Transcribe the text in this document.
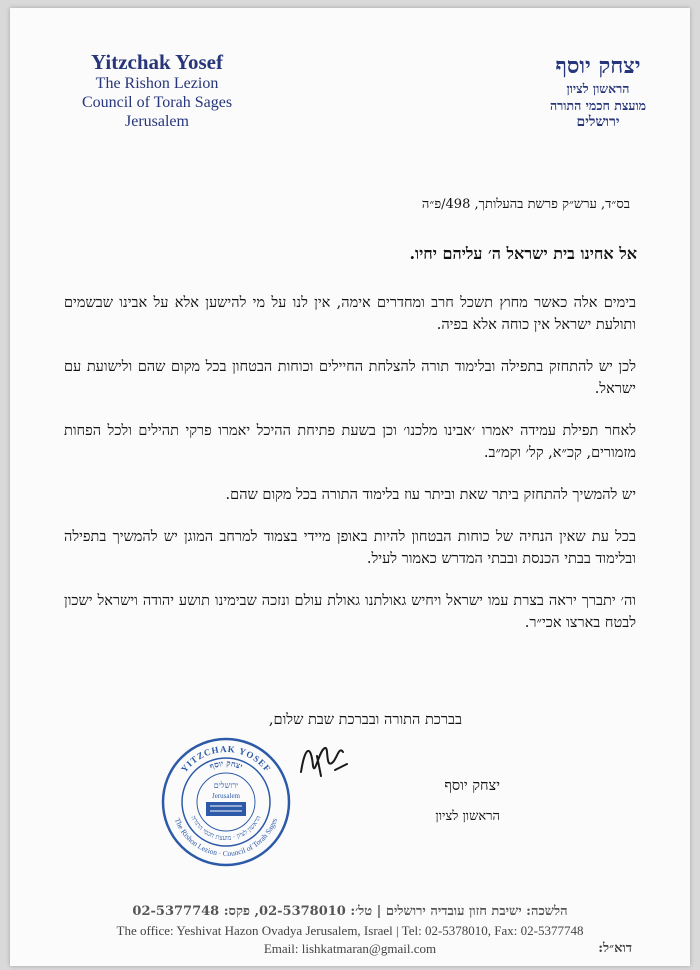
Yitzchak Yosef
The Rishon Lezion
Council of Torah Sages
Jerusalem
יצחק יוסף
הראשון לציון
מועצת חכמי התורה
ירושלים
בס״ד, ערש״ק פרשת בהעלותך, 498/פ״ה
אל אחינו בית ישראל ה׳ עליהם יחיו.

בימים אלה כאשר מחוץ תשכל חרב ומחדרים אימה, אין לנו על מי להישען אלא על אבינו שבשמים ותולעת ישראל אין כוחה אלא בפיה.

לכן יש להתחזק בתפילה ובלימוד תורה להצלחת החיילים וכוחות הבטחון בכל מקום שהם ולישועת עם ישראל.

לאחר תפילת עמידה יאמרו ׳אבינו מלכנו׳ וכן בשעת פתיחת ההיכל יאמרו פרקי תהילים ולכל הפחות מזמורים, קכ״א, קל׳ וקמ״ב.

יש להמשיך להתחזק ביתר שאת וביתר עוז בלימוד התורה בכל מקום שהם.

בכל עת שאין הנחיה של כוחות הבטחון להיות באופן מיידי בצמוד למרחב המוגן יש להמשיך בתפילה ובלימוד בבתי הכנסת ובבתי המדרש כאמור לעיל.

וה׳ יתברך יראה בצרת עמו ישראל ויחיש גאולתנו גאולת עולם ונזכה שבימינו תושע יהודה וישראל ישכון לבטח בארצו אכי״ר.

בברכת התורה ובברכת שבת שלום,
יצחק יוסף
הראשון לציון
YITZCHAK YOSEF
The Rishon Lezion · Council of Torah Sages
יצחק יוסף
הראשון לציון · מועצת חכמי התורה
ירושלים
Jerusalem
הלשכה: ישיבת חזון עובדיה ירושלים | טל׳: 02-5378010, פקס: 02-5377748
The office: Yeshivat Hazon Ovadya Jerusalem, Israel | Tel: 02-5378010, Fax: 02-5377748
Email: lishkatmaran@gmail.com	דוא״ל:
